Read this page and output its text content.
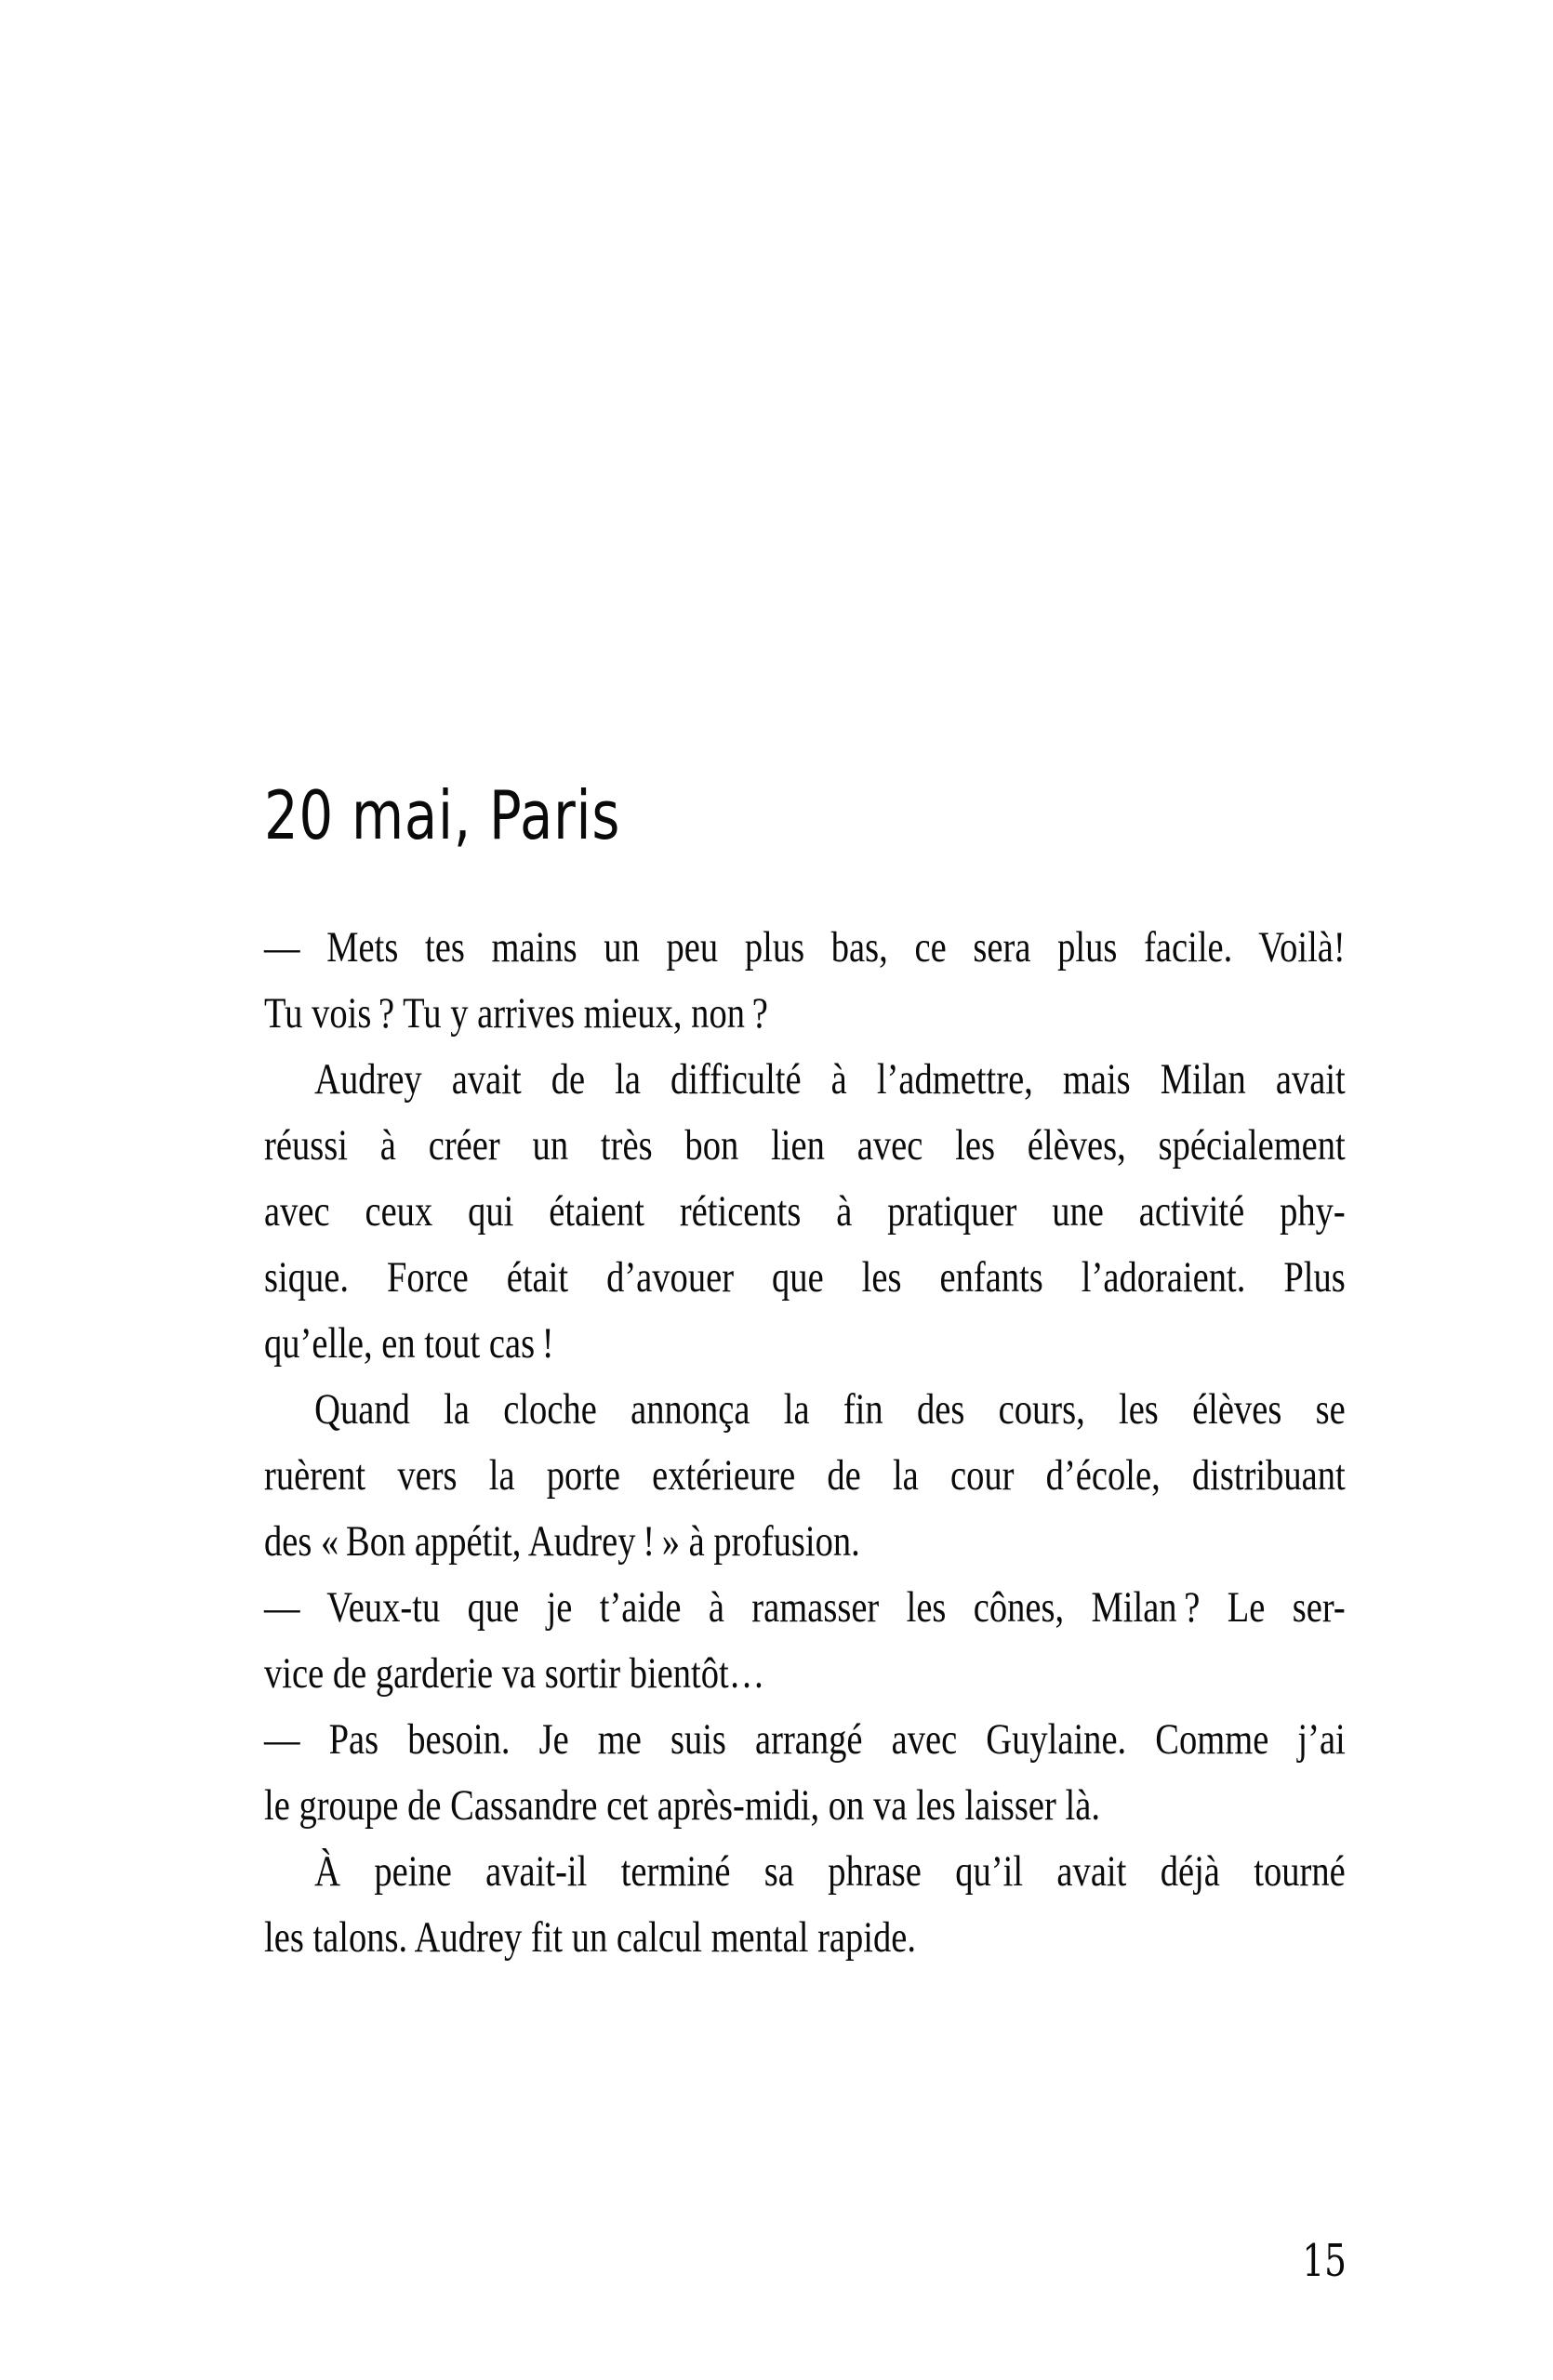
20 mai, Paris

— Mets tes mains un peu plus bas, ce sera plus facile. Voilà!

Tu vois ? Tu y arrives mieux, non ?

Audrey avait de la difficulté à l’admettre, mais Milan avait

réussi à créer un très bon lien avec les élèves, spécialement

avec ceux qui étaient réticents à pratiquer une activité phy-

sique. Force était d’avouer que les enfants l’adoraient. Plus

qu’elle, en tout cas !

Quand la cloche annonça la fin des cours, les élèves se

ruèrent vers la porte extérieure de la cour d’école, distribuant

des « Bon appétit, Audrey ! » à profusion.

— Veux-tu que je t’aide à ramasser les cônes, Milan ? Le ser-

vice de garderie va sortir bientôt…

— Pas besoin. Je me suis arrangé avec Guylaine. Comme j’ai

le groupe de Cassandre cet après-midi, on va les laisser là.

À peine avait-il terminé sa phrase qu’il avait déjà tourné

les talons. Audrey fit un calcul mental rapide.

15
